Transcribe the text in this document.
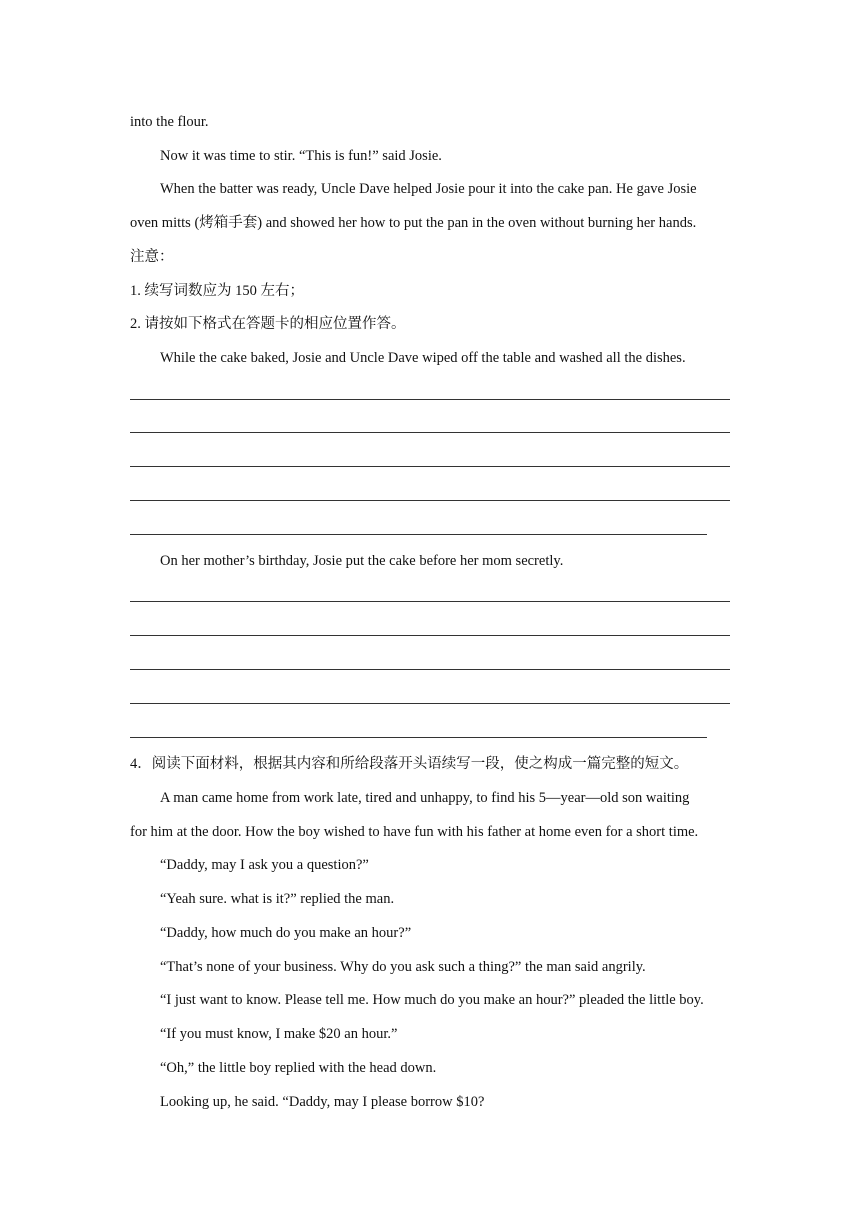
into the flour.
Now it was time to stir. “This is fun!” said Josie.
When the batter was ready, Uncle Dave helped Josie pour it into the cake pan. He gave Josie
oven mitts (烤箱手套) and showed her how to put the pan in the oven without burning her hands.
注意：
1. 续写词数应为 150 左右；
2. 请按如下格式在答题卡的相应位置作答。
While the cake baked, Josie and Uncle Dave wiped off the table and washed all the dishes.
On her mother’s birthday, Josie put the cake before her mom secretly.
4．阅读下面材料，根据其内容和所给段落开头语续写一段，使之构成一篇完整的短文。
A man came home from work late, tired and unhappy, to find his 5—year—old son waiting
for him at the door. How the boy wished to have fun with his father at home even for a short time.
“Daddy, may I ask you a question?”
“Yeah sure. what is it?” replied the man.
“Daddy, how much do you make an hour?”
“That’s none of your business. Why do you ask such a thing?” the man said angrily.
“I just want to know. Please tell me. How much do you make an hour?” pleaded the little boy.
“If you must know, I make $20 an hour.”
“Oh,” the little boy replied with the head down.
Looking up, he said. “Daddy, may I please borrow $10?
